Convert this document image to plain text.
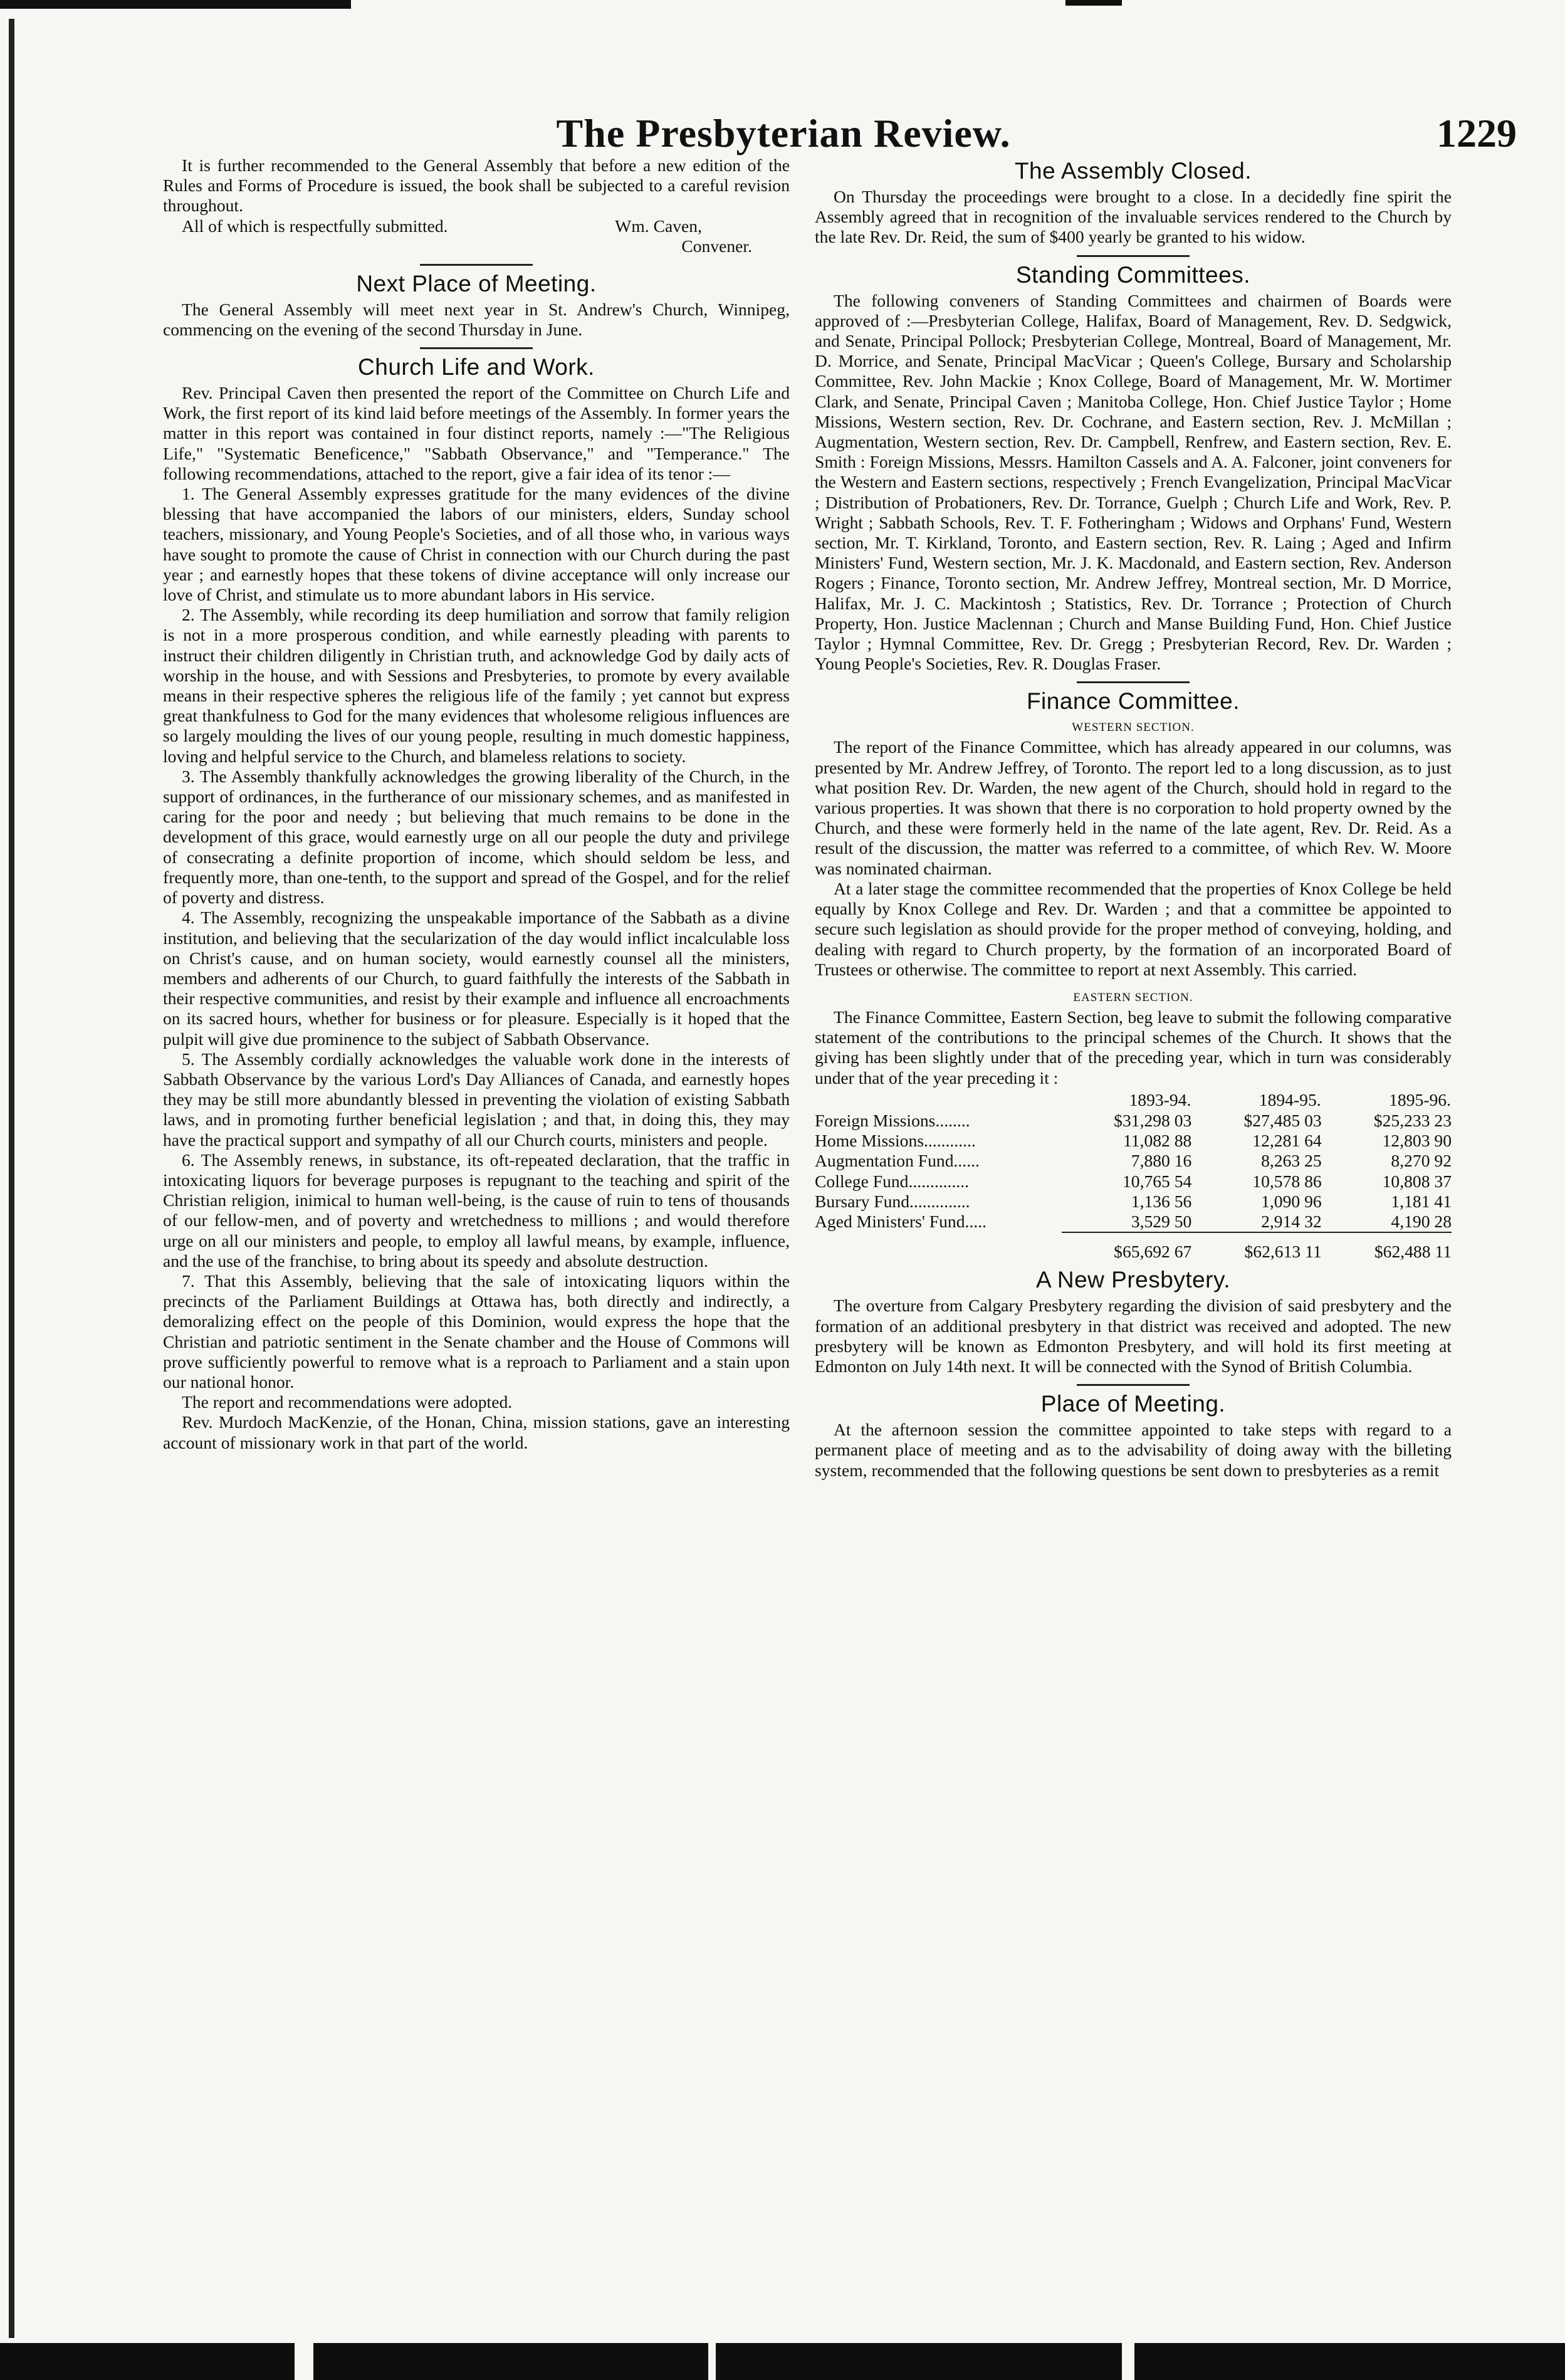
The Presbyterian Review.	1229

It is further recommended to the General Assembly that before a new edition of the Rules and Forms of Procedure is issued, the book shall be subjected to a careful revision throughout.

All of which is respectfully submitted.	Wm. Caven,
Convener.
Next Place of Meeting.

The General Assembly will meet next year in St. Andrew's Church, Winnipeg, commencing on the evening of the second Thursday in June.

Church Life and Work.

Rev. Principal Caven then presented the report of the Committee on Church Life and Work, the first report of its kind laid before meetings of the Assembly. In former years the matter in this report was contained in four distinct reports, namely :—"The Religious Life," "Systematic Beneficence," "Sabbath Observance," and "Temperance." The following recommendations, attached to the report, give a fair idea of its tenor :—

1. The General Assembly expresses gratitude for the many evidences of the divine blessing that have accompanied the labors of our ministers, elders, Sunday school teachers, missionary, and Young People's Societies, and of all those who, in various ways have sought to promote the cause of Christ in connection with our Church during the past year ; and earnestly hopes that these tokens of divine acceptance will only increase our love of Christ, and stimulate us to more abundant labors in His service.

2. The Assembly, while recording its deep humiliation and sorrow that family religion is not in a more prosperous condition, and while earnestly pleading with parents to instruct their children diligently in Christian truth, and acknowledge God by daily acts of worship in the house, and with Sessions and Presbyteries, to promote by every available means in their respective spheres the religious life of the family ; yet cannot but express great thankfulness to God for the many evidences that wholesome religious influences are so largely moulding the lives of our young people, resulting in much domestic happiness, loving and helpful service to the Church, and blameless relations to society.

3. The Assembly thankfully acknowledges the growing liberality of the Church, in the support of ordinances, in the furtherance of our missionary schemes, and as manifested in caring for the poor and needy ; but believing that much remains to be done in the development of this grace, would earnestly urge on all our people the duty and privilege of consecrating a definite proportion of income, which should seldom be less, and frequently more, than one-tenth, to the support and spread of the Gospel, and for the relief of poverty and distress.

4. The Assembly, recognizing the unspeakable importance of the Sabbath as a divine institution, and believing that the secularization of the day would inflict incalculable loss on Christ's cause, and on human society, would earnestly counsel all the ministers, members and adherents of our Church, to guard faithfully the interests of the Sabbath in their respective communities, and resist by their example and influence all encroachments on its sacred hours, whether for business or for pleasure. Especially is it hoped that the pulpit will give due prominence to the subject of Sabbath Observance.

5. The Assembly cordially acknowledges the valuable work done in the interests of Sabbath Observance by the various Lord's Day Alliances of Canada, and earnestly hopes they may be still more abundantly blessed in preventing the violation of existing Sabbath laws, and in promoting further beneficial legislation ; and that, in doing this, they may have the practical support and sympathy of all our Church courts, ministers and people.

6. The Assembly renews, in substance, its oft-repeated declaration, that the traffic in intoxicating liquors for beverage purposes is repugnant to the teaching and spirit of the Christian religion, inimical to human well-being, is the cause of ruin to tens of thousands of our fellow-men, and of poverty and wretchedness to millions ; and would therefore urge on all our ministers and people, to employ all lawful means, by example, influence, and the use of the franchise, to bring about its speedy and absolute destruction.

7. That this Assembly, believing that the sale of intoxicating liquors within the precincts of the Parliament Buildings at Ottawa has, both directly and indirectly, a demoralizing effect on the people of this Dominion, would express the hope that the Christian and patriotic sentiment in the Senate chamber and the House of Commons will prove sufficiently powerful to remove what is a reproach to Parliament and a stain upon our national honor.

The report and recommendations were adopted.

Rev. Murdoch MacKenzie, of the Honan, China, mission stations, gave an interesting account of missionary work in that part of the world.

The Assembly Closed.

On Thursday the proceedings were brought to a close. In a decidedly fine spirit the Assembly agreed that in recognition of the invaluable services rendered to the Church by the late Rev. Dr. Reid, the sum of $400 yearly be granted to his widow.

Standing Committees.

The following conveners of Standing Committees and chairmen of Boards were approved of :—Presbyterian College, Halifax, Board of Management, Rev. D. Sedgwick, and Senate, Principal Pollock; Presbyterian College, Montreal, Board of Management, Mr. D. Morrice, and Senate, Principal MacVicar ; Queen's College, Bursary and Scholarship Committee, Rev. John Mackie ; Knox College, Board of Management, Mr. W. Mortimer Clark, and Senate, Principal Caven ; Manitoba College, Hon. Chief Justice Taylor ; Home Missions, Western section, Rev. Dr. Cochrane, and Eastern section, Rev. J. McMillan ; Augmentation, Western section, Rev. Dr. Campbell, Renfrew, and Eastern section, Rev. E. Smith : Foreign Missions, Messrs. Hamilton Cassels and A. A. Falconer, joint conveners for the Western and Eastern sections, respectively ; French Evangelization, Principal MacVicar ; Distribution of Probationers, Rev. Dr. Torrance, Guelph ; Church Life and Work, Rev. P. Wright ; Sabbath Schools, Rev. T. F. Fotheringham ; Widows and Orphans' Fund, Western section, Mr. T. Kirkland, Toronto, and Eastern section, Rev. R. Laing ; Aged and Infirm Ministers' Fund, Western section, Mr. J. K. Macdonald, and Eastern section, Rev. Anderson Rogers ; Finance, Toronto section, Mr. Andrew Jeffrey, Montreal section, Mr. D Morrice, Halifax, Mr. J. C. Mackintosh ; Statistics, Rev. Dr. Torrance ; Protection of Church Property, Hon. Justice Maclennan ; Church and Manse Building Fund, Hon. Chief Justice Taylor ; Hymnal Committee, Rev. Dr. Gregg ; Presbyterian Record, Rev. Dr. Warden ; Young People's Societies, Rev. R. Douglas Fraser.

Finance Committee.
WESTERN SECTION.

The report of the Finance Committee, which has already appeared in our columns, was presented by Mr. Andrew Jeffrey, of Toronto. The report led to a long discussion, as to just what position Rev. Dr. Warden, the new agent of the Church, should hold in regard to the various properties. It was shown that there is no corporation to hold property owned by the Church, and these were formerly held in the name of the late agent, Rev. Dr. Reid. As a result of the discussion, the matter was referred to a committee, of which Rev. W. Moore was nominated chairman.

At a later stage the committee recommended that the properties of Knox College be held equally by Knox College and Rev. Dr. Warden ; and that a committee be appointed to secure such legislation as should provide for the proper method of conveying, holding, and dealing with regard to Church property, by the formation of an incorporated Board of Trustees or otherwise. The committee to report at next Assembly. This carried.

EASTERN SECTION.

The Finance Committee, Eastern Section, beg leave to submit the following comparative statement of the contributions to the principal schemes of the Church. It shows that the giving has been slightly under that of the preceding year, which in turn was considerably under that of the year preceding it :

	1893-94.	1894-95.	1895-96.
Foreign Missions........	$31,298 03	$27,485 03	$25,233 23
Home Missions............	11,082 88	12,281 64	12,803 90
Augmentation Fund......	7,880 16	8,263 25	8,270 92
College Fund..............	10,765 54	10,578 86	10,808 37
Bursary Fund..............	1,136 56	1,090 96	1,181 41
Aged Ministers' Fund.....	3,529 50	2,914 32	4,190 28
	$65,692 67	$62,613 11	$62,488 11
A New Presbytery.

The overture from Calgary Presbytery regarding the division of said presbytery and the formation of an additional presbytery in that district was received and adopted. The new presbytery will be known as Edmonton Presbytery, and will hold its first meeting at Edmonton on July 14th next. It will be connected with the Synod of British Columbia.

Place of Meeting.

At the afternoon session the committee appointed to take steps with regard to a permanent place of meeting and as to the advisability of doing away with the billeting system, recommended that the following questions be sent down to presbyteries as a remit
